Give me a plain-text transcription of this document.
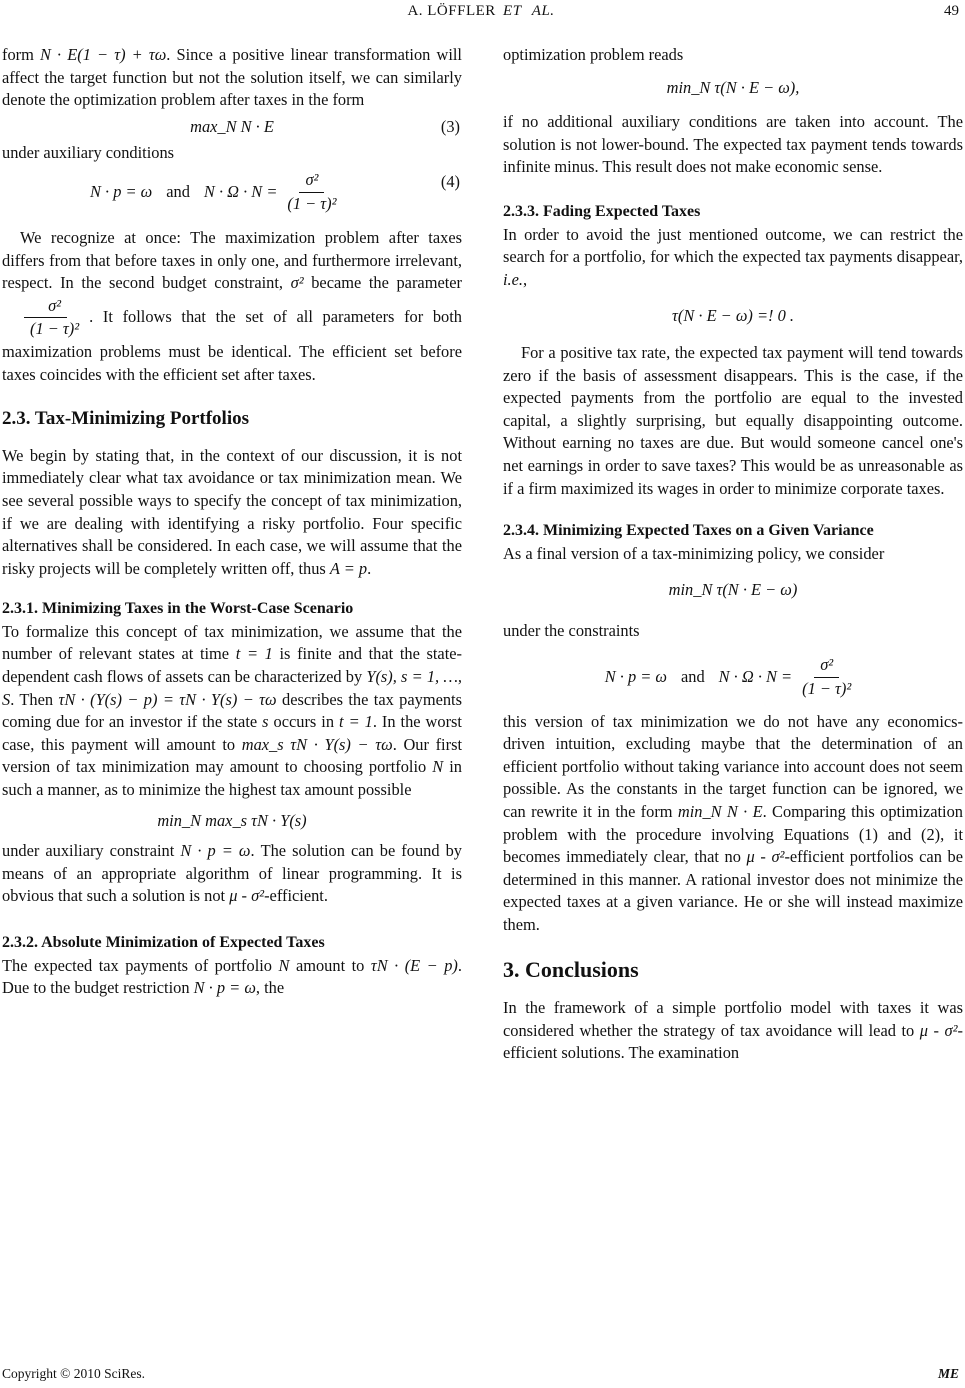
A. LÖFFLER ET AL.	49

form N · E(1 − τ) + τω. Since a positive linear transformation will affect the target function but not the solution itself, we can similarly denote the optimization problem after taxes in the form

max_N N · E	(3)

under auxiliary conditions

N · p = ω and $N \cdot \Omega \cdot N = \frac{\text{σ²}}{\text{(1 − τ)²}}$	(4)

We recognize at once: The maximization problem after taxes differs from that before taxes in only one, and furthermore irrelevant, respect. In the second budget constraint, σ² became the parameter
$\frac{\text{σ²}}{\text{(1 − τ)²}}$ . It follows that the set of all parameters for both maximization problems must be identical. The efficient set before taxes coincides with the efficient set after taxes.

2.3. Tax-Minimizing Portfolios

We begin by stating that, in the context of our discussion, it is not immediately clear what tax avoidance or tax minimization mean. We see several possible ways to specify the concept of tax minimization, if we are dealing with identifying a risky portfolio. Four specific alternatives shall be considered. In each case, we will assume that the risky projects will be completely written off, thus A = p.

2.3.1. Minimizing Taxes in the Worst-Case Scenario

To formalize this concept of tax minimization, we assume that the number of relevant states at time t = 1 is finite and that the state-dependent cash flows of assets can be characterized by Y(s), s = 1, …, S. Then τN · (Y(s) − p) = τN · Y(s) − τω describes the tax payments coming due for an investor if the state s occurs in t = 1. In the worst case, this payment will amount to max_s τN · Y(s) − τω. Our first version of tax minimization may amount to choosing portfolio N in such a manner, as to minimize the highest tax amount possible

min_N max_s τN · Y(s)

under auxiliary constraint N · p = ω. The solution can be found by means of an appropriate algorithm of linear programming. It is obvious that such a solution is not μ - σ²-efficient.

2.3.2. Absolute Minimization of Expected Taxes

The expected tax payments of portfolio N amount to τN · (E − p). Due to the budget restriction N · p = ω, the

optimization problem reads

min_N τ(N · E − ω),

if no additional auxiliary conditions are taken into account. The solution is not lower-bound. The expected tax payment tends towards infinite minus. This result does not make economic sense.

2.3.3. Fading Expected Taxes

In order to avoid the just mentioned outcome, we can restrict the search for a portfolio, for which the expected tax payments disappear, i.e.,

τ(N · E − ω) =! 0 .

For a positive tax rate, the expected tax payment will tend towards zero if the basis of assessment disappears. This is the case, if the expected payments from the portfolio are equal to the invested capital, a slightly surprising, but equally disappointing outcome. Without earning no taxes are due. But would someone cancel one's net earnings in order to save taxes? This would be as unreasonable as if a firm maximized its wages in order to minimize corporate taxes.

2.3.4. Minimizing Expected Taxes on a Given Variance

As a final version of a tax-minimizing policy, we consider

min_N τ(N · E − ω)

under the constraints

N · p = ω and $N \cdot \Omega \cdot N = \frac{\text{σ²}}{\text{(1 − τ)²}}$

this version of tax minimization we do not have any economics-driven intuition, excluding maybe that the determination of an efficient portfolio without taking variance into account does not seem possible. As the constants in the target function can be ignored, we can rewrite it in the form min_N N · E. Comparing this optimization problem with the procedure involving Equations (1) and (2), it becomes immediately clear, that no μ - σ²-efficient portfolios can be determined in this manner. A rational investor does not minimize the expected taxes at a given variance. He or she will instead maximize them.

3. Conclusions

In the framework of a simple portfolio model with taxes it was considered whether the strategy of tax avoidance will lead to μ - σ²-efficient solutions. The examination

Copyright © 2010 SciRes.	ME
